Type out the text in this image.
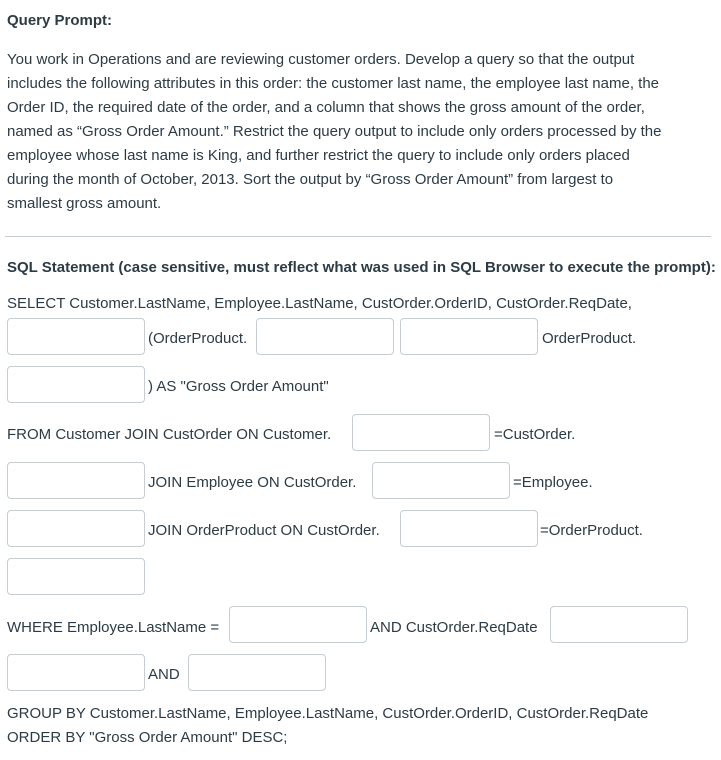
Query Prompt:
You work in Operations and are reviewing customer orders. Develop a query so that the output
includes the following attributes in this order: the customer last name, the employee last name, the
Order ID, the required date of the order, and a column that shows the gross amount of the order,
named as “Gross Order Amount.” Restrict the query output to include only orders processed by the
employee whose last name is King, and further restrict the query to include only orders placed
during the month of October, 2013. Sort the output by “Gross Order Amount” from largest to
smallest gross amount.
SQL Statement (case sensitive, must reflect what was used in SQL Browser to execute the prompt):
SELECT Customer.LastName, Employee.LastName, CustOrder.OrderID, CustOrder.ReqDate,
(OrderProduct.	OrderProduct.
) AS "Gross Order Amount"
FROM Customer JOIN CustOrder ON Customer.	=CustOrder.
JOIN Employee ON CustOrder.	=Employee.
JOIN OrderProduct ON CustOrder.	=OrderProduct.
WHERE Employee.LastName =	AND CustOrder.ReqDate
AND
GROUP BY Customer.LastName, Employee.LastName, CustOrder.OrderID, CustOrder.ReqDate
ORDER BY "Gross Order Amount" DESC;
